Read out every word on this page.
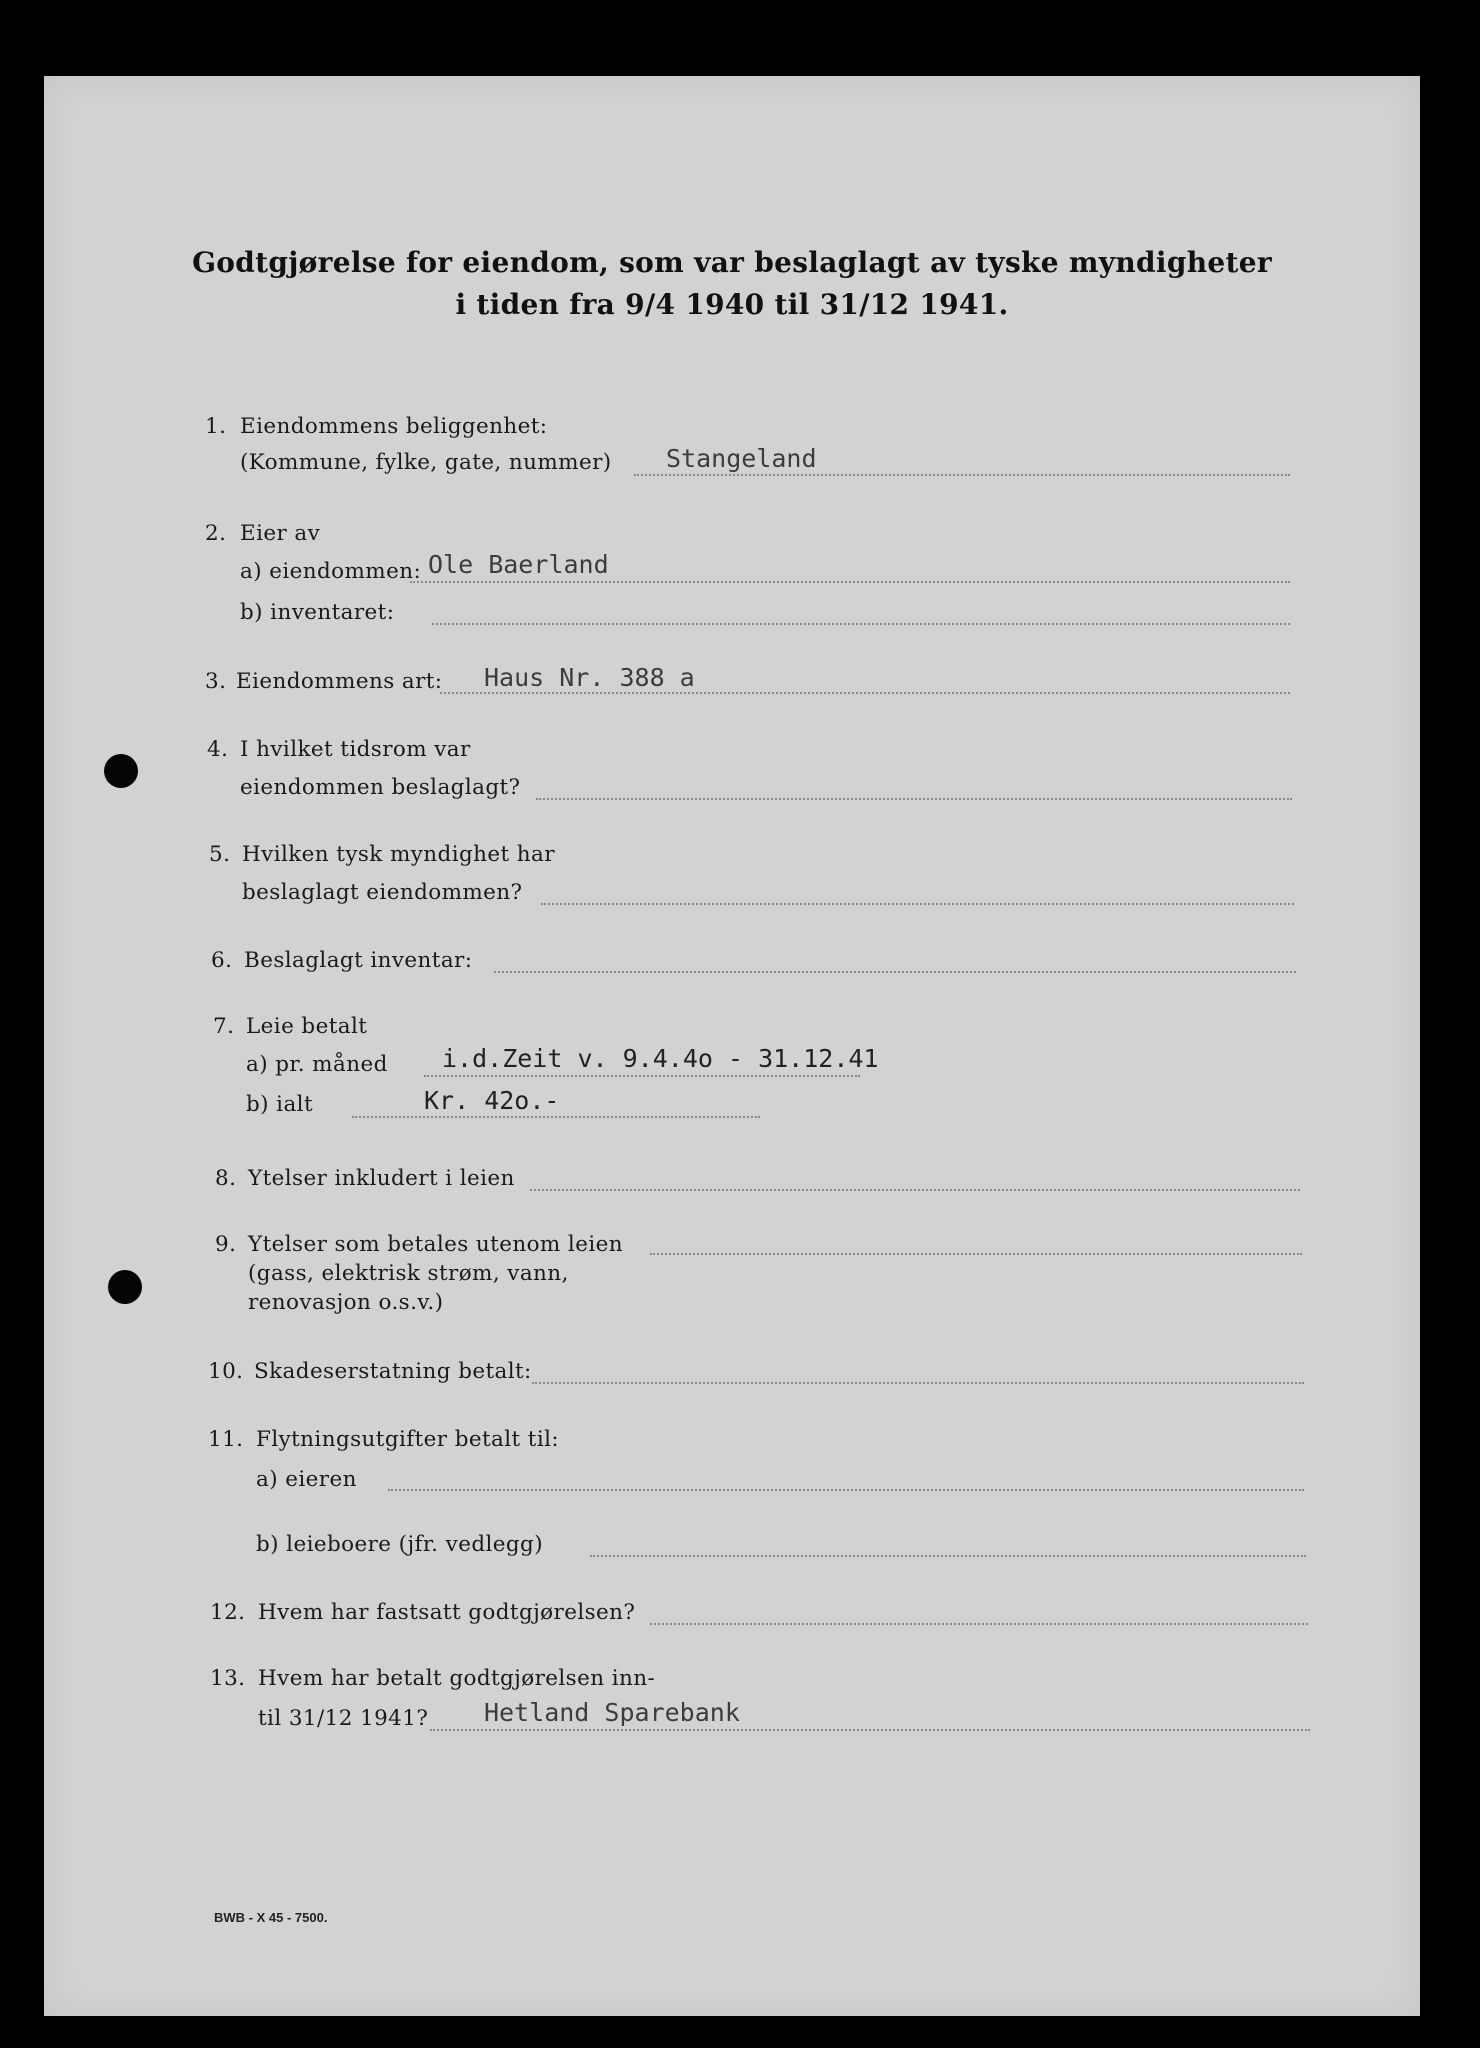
Godtgjørelse for eiendom, som var beslaglagt av tyske myndigheter
i tiden fra 9/4 1940 til 31/12 1941.
1. Eiendommens beliggenhet:
(Kommune, fylke, gate, nummer) Stangeland
2. Eier av
a) eiendommen: Ole Baerland
b) inventaret:
3. Eiendommens art: Haus Nr. 388 a
4. I hvilket tidsrom var
eiendommen beslaglagt?
5. Hvilken tysk myndighet har
beslaglagt eiendommen?
6. Beslaglagt inventar:
7. Leie betalt
a) pr. måned i.d.Zeit v. 9.4.4o - 31.12.41
b) ialt	Kr. 42o.-
8. Ytelser inkludert i leien
9. Ytelser som betales utenom leien
(gass, elektrisk strøm, vann,
renovasjon o.s.v.)
10. Skadeserstatning betalt:
11. Flytningsutgifter betalt til:
a) eieren
b) leieboere (jfr. vedlegg)
12. Hvem har fastsatt godtgjørelsen?
13. Hvem har betalt godtgjørelsen inn-
til 31/12 1941? Hetland Sparebank
BWB - X 45 - 7500.
